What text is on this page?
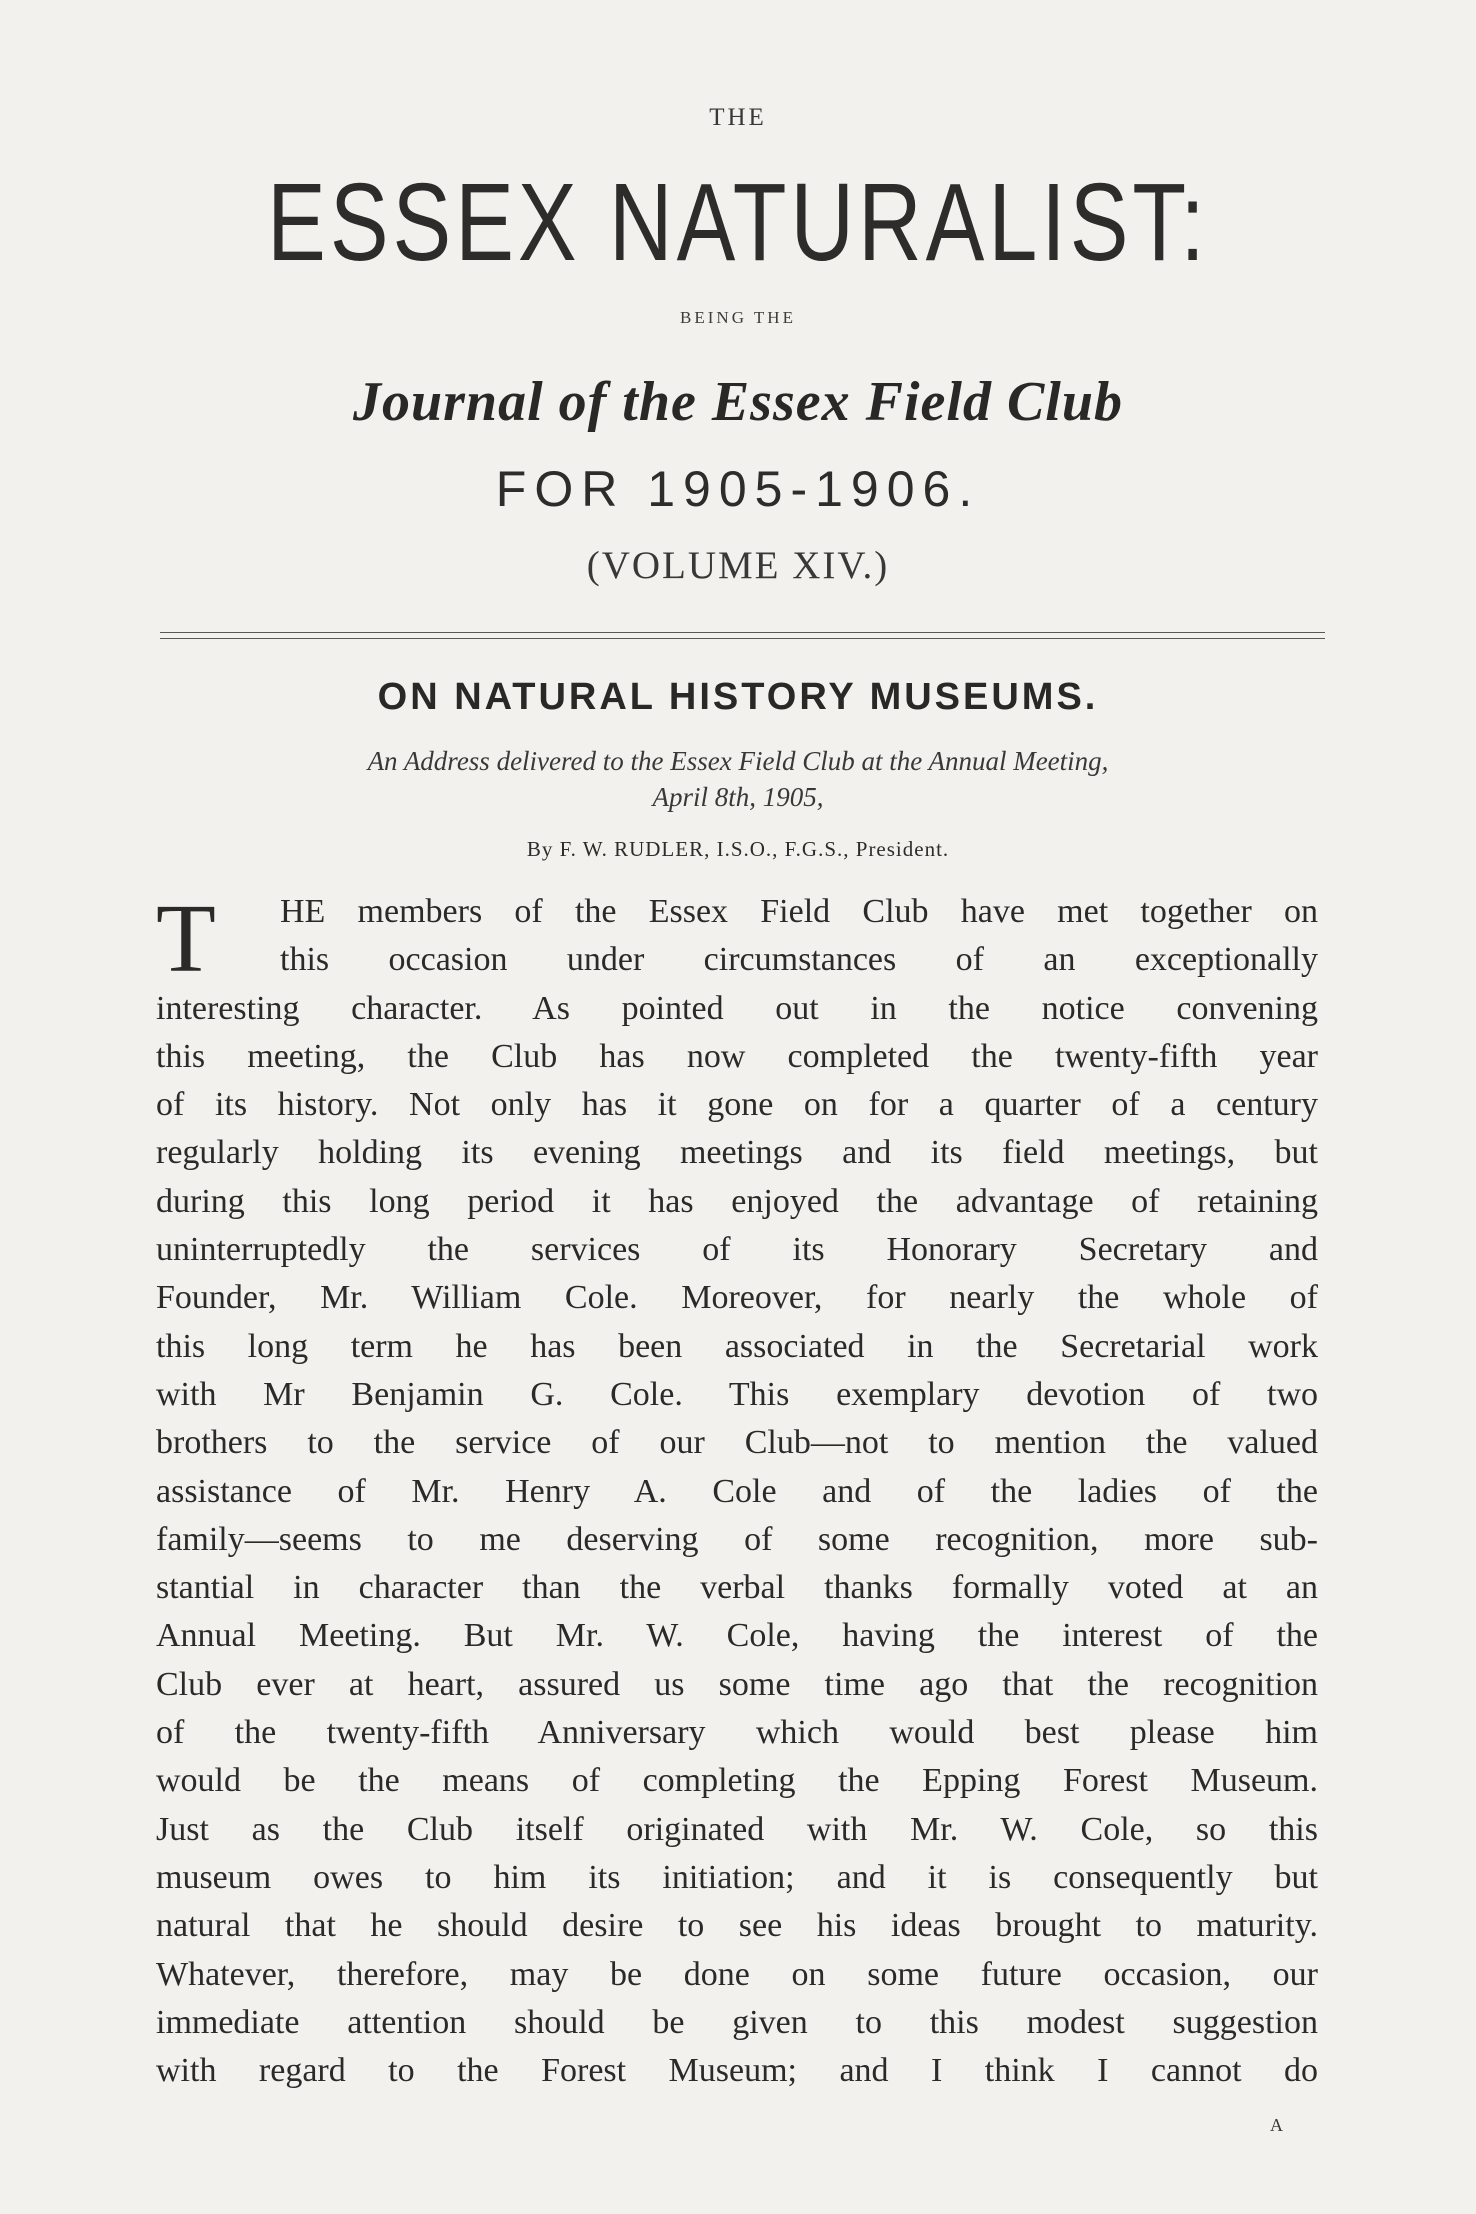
THE
ESSEX NATURALIST:
BEING THE
Journal of the Essex Field Club
FOR 1905-1906.
(VOLUME XIV.)
ON NATURAL HISTORY MUSEUMS.
An Address delivered to the Essex Field Club at the Annual Meeting,
April 8th, 1905,
By F. W. RUDLER, I.S.O., F.G.S., President.
T	HE members of the Essex Field Club have met together on
this occasion under circumstances of an exceptionally
interesting character. As pointed out in the notice convening
this meeting, the Club has now completed the twenty-fifth year
of its history. Not only has it gone on for a quarter of a century
regularly holding its evening meetings and its field meetings, but
during this long period it has enjoyed the advantage of retaining
uninterruptedly the services of its Honorary Secretary and
Founder, Mr. William Cole. Moreover, for nearly the whole of
this long term he has been associated in the Secretarial work
with Mr Benjamin G. Cole. This exemplary devotion of two
brothers to the service of our Club—not to mention the valued
assistance of Mr. Henry A. Cole and of the ladies of the
family—seems to me deserving of some recognition, more sub-
stantial in character than the verbal thanks formally voted at an
Annual Meeting. But Mr. W. Cole, having the interest of the
Club ever at heart, assured us some time ago that the recognition
of the twenty-fifth Anniversary which would best please him
would be the means of completing the Epping Forest Museum.
Just as the Club itself originated with Mr. W. Cole, so this
museum owes to him its initiation; and it is consequently but
natural that he should desire to see his ideas brought to maturity.
Whatever, therefore, may be done on some future occasion, our
immediate attention should be given to this modest suggestion
with regard to the Forest Museum; and I think I cannot do
A
